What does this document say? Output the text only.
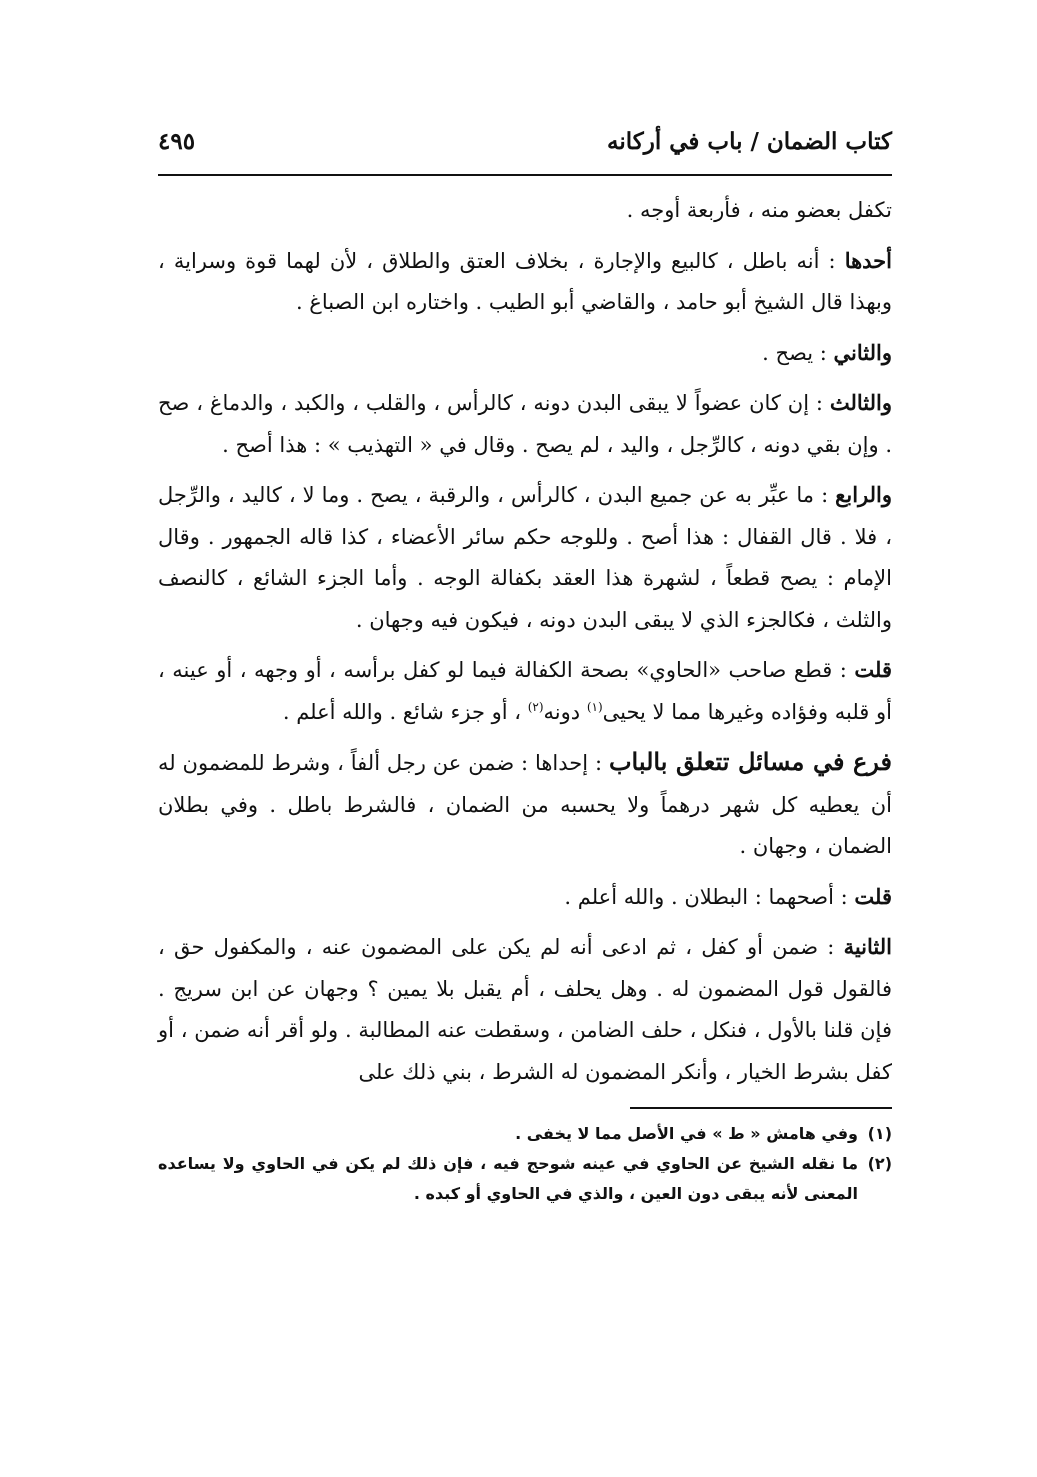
كتاب الضمان / باب في أركانه
٤٩٥

تكفل بعضو منه ، فأربعة أوجه .

أحدها : أنه باطل ، كالبيع والإجارة ، بخلاف العتق والطلاق ، لأن لهما قوة وسراية ، وبهذا قال الشيخ أبو حامد ، والقاضي أبو الطيب . واختاره ابن الصباغ .

والثاني : يصح .

والثالث : إن كان عضواً لا يبقى البدن دونه ، كالرأس ، والقلب ، والكبد ، والدماغ ، صح . وإن بقي دونه ، كالرِّجل ، واليد ، لم يصح . وقال في « التهذيب » : هذا أصح .

والرابع : ما عبِّر به عن جميع البدن ، كالرأس ، والرقبة ، يصح . وما لا ، كاليد ، والرِّجل ، فلا . قال القفال : هذا أصح . وللوجه حكم سائر الأعضاء ، كذا قاله الجمهور . وقال الإمام : يصح قطعاً ، لشهرة هذا العقد بكفالة الوجه . وأما الجزء الشائع ، كالنصف والثلث ، فكالجزء الذي لا يبقى البدن دونه ، فيكون فيه وجهان .

قلت : قطع صاحب «الحاوي» بصحة الكفالة فيما لو كفل برأسه ، أو وجهه ، أو عينه ، أو قلبه وفؤاده وغيرها مما لا يحيى$^{(١)}$ دونه$^{(٢)}$ ، أو جزء شائع . والله أعلم .

فرع في مسائل تتعلق بالباب : إحداها : ضمن عن رجل ألفاً ، وشرط للمضمون له أن يعطيه كل شهر درهماً ولا يحسبه من الضمان ، فالشرط باطل . وفي بطلان الضمان ، وجهان .

قلت : أصحهما : البطلان . والله أعلم .

الثانية : ضمن أو كفل ، ثم ادعى أنه لم يكن على المضمون عنه ، والمكفول حق ، فالقول قول المضمون له . وهل يحلف ، أم يقبل بلا يمين ؟ وجهان عن ابن سريج . فإن قلنا بالأول ، فنكل ، حلف الضامن ، وسقطت عنه المطالبة . ولو أقر أنه ضمن ، أو كفل بشرط الخيار ، وأنكر المضمون له الشرط ، بني ذلك على

(١)
وفي هامش « ط » في الأصل مما لا يخفى .
(٢)
ما نقله الشيخ عن الحاوي في عينه شوحج فيه ، فإن ذلك لم يكن في الحاوي ولا يساعده المعنى لأنه يبقى دون العين ، والذي في الحاوي أو كبده .
